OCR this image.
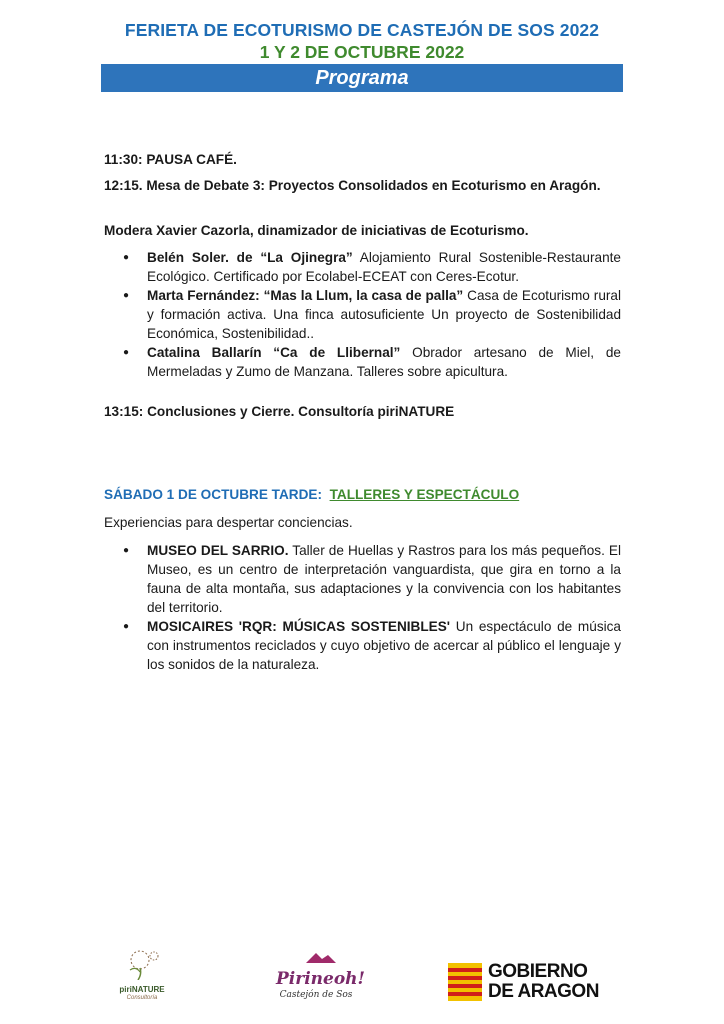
FERIETA DE ECOTURISMO DE CASTEJÓN DE SOS 2022
1 Y 2 DE OCTUBRE 2022
Programa
11:30: PAUSA CAFÉ.
12:15. Mesa de Debate 3: Proyectos Consolidados en Ecoturismo en Aragón.
Modera Xavier Cazorla, dinamizador de iniciativas de Ecoturismo.
● Belén Soler. de “La Ojinegra” Alojamiento Rural Sostenible-Restaurante Ecológico. Certificado por Ecolabel-ECEAT con Ceres-Ecotur.
● Marta Fernández: “Mas la Llum, la casa de palla” Casa de Ecoturismo rural y formación activa. Una finca autosuficiente Un proyecto de Sostenibilidad Económica, Sostenibilidad..
● Catalina Ballarín “Ca de Llibernal” Obrador artesano de Miel, de Mermeladas y Zumo de Manzana. Talleres sobre apicultura.
13:15: Conclusiones y Cierre. Consultoría piriNATURE
SÁBADO 1 DE OCTUBRE TARDE: TALLERES Y ESPECTÁCULO
Experiencias para despertar conciencias.
● MUSEO DEL SARRIO. Taller de Huellas y Rastros para los más pequeños. El Museo, es un centro de interpretación vanguardista, que gira en torno a la fauna de alta montaña, sus adaptaciones y la convivencia con los habitantes del territorio.
● MOSICAIRES 'RQR: MÚSICAS SOSTENIBLES' Un espectáculo de música con instrumentos reciclados y cuyo objetivo de acercar al público el lenguaje y los sonidos de la naturaleza.
piriNATURE
Consultoría
Pirineoh!
Castejón de Sos
GOBIERNO
DE ARAGON
